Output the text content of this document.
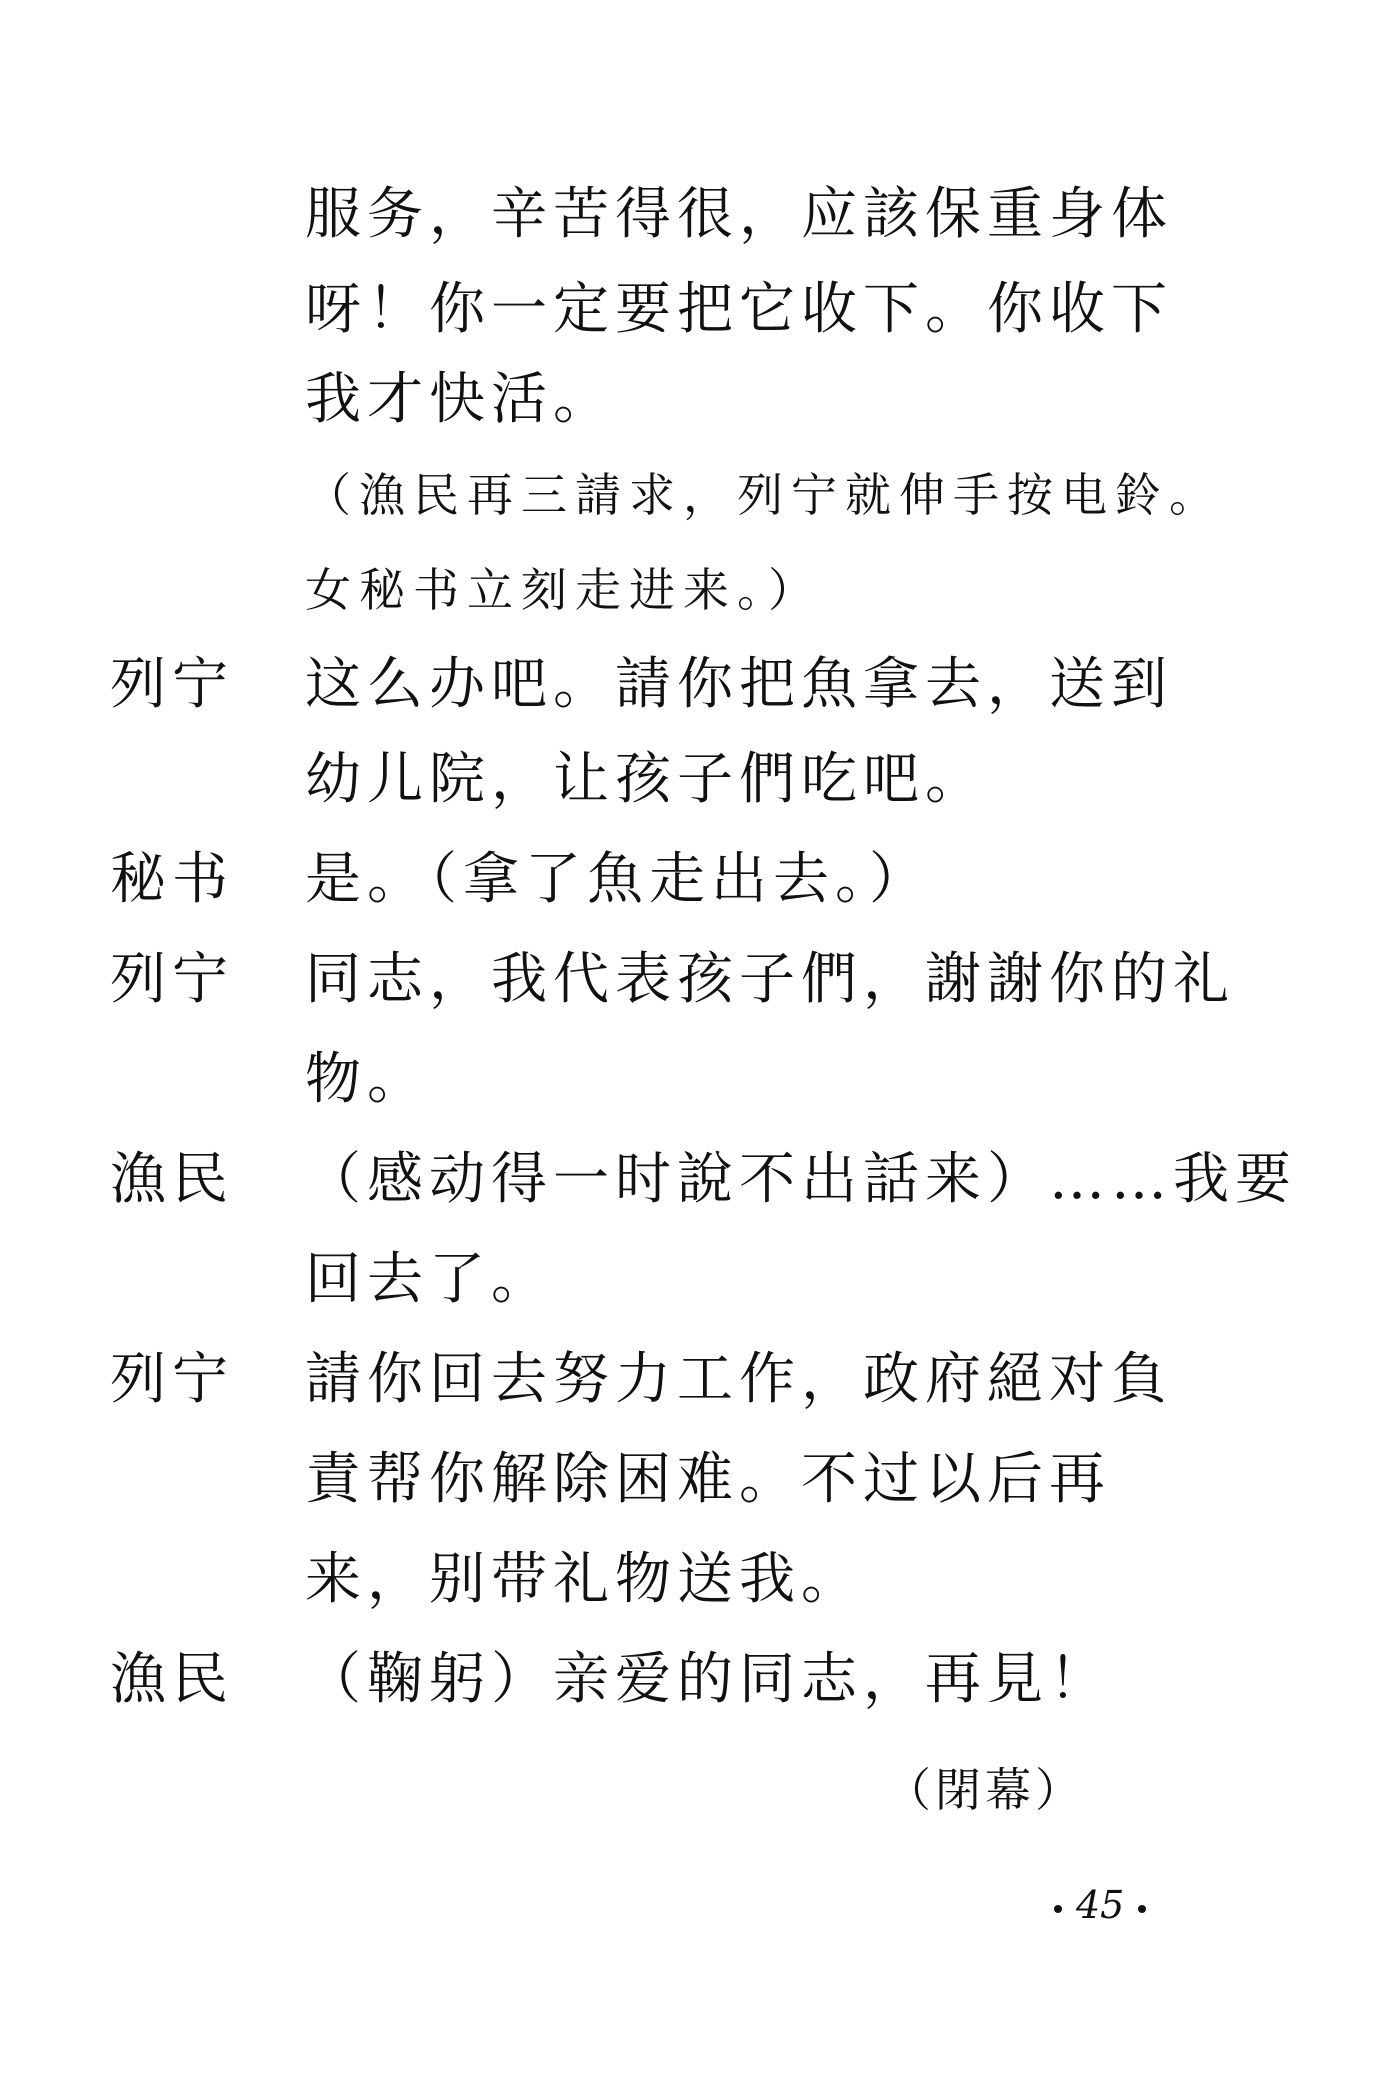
服务，辛苦得很，应該保重身体
呀！你一定要把它收下。你收下
我才快活。
（漁民再三請求，列宁就伸手按电鈴。
女秘书立刻走进来。）
列宁 这么办吧。請你把魚拿去，送到
幼儿院，让孩子們吃吧。
秘书 是。（拿了魚走出去。）
列宁 同志，我代表孩子們，謝謝你的礼
物。
漁民 （感动得一时說不出話来）……我要
回去了。
列宁 請你回去努力工作，政府絕对負
責帮你解除困难。不过以后再
来，别带礼物送我。
漁民 （鞠躬）亲爱的同志，再見！
（閉幕）
45
